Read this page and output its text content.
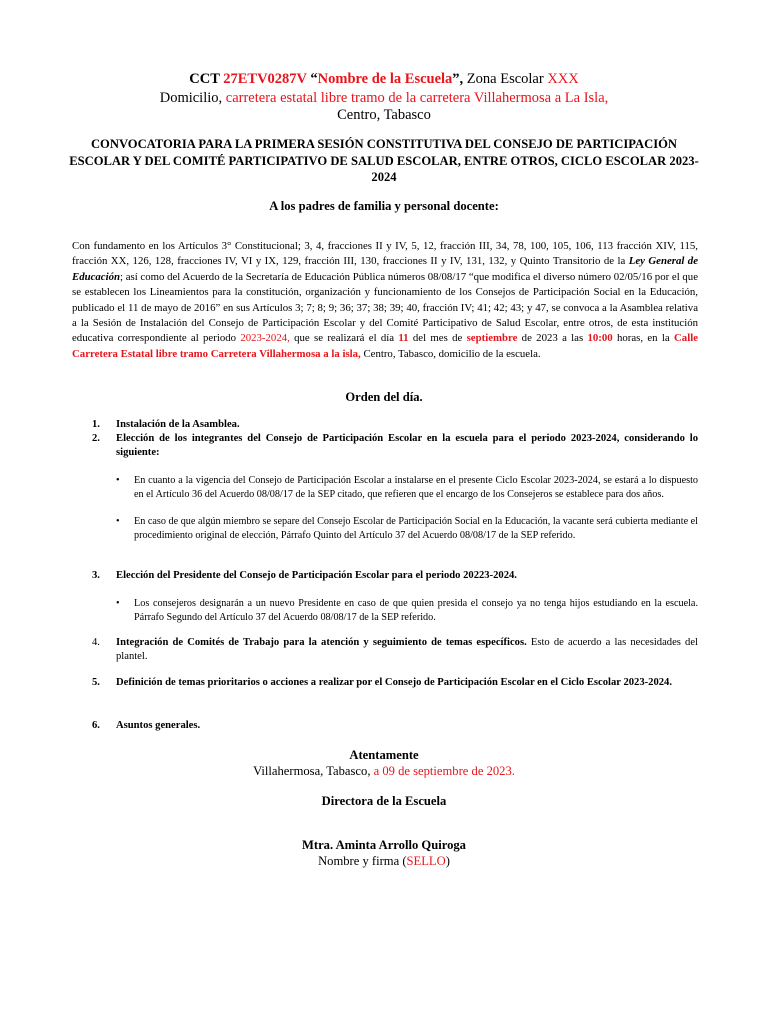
CCT 27ETV0287V “Nombre de la Escuela”, Zona Escolar XXX
Domicilio, carretera estatal libre tramo de la carretera Villahermosa a La Isla,
Centro, Tabasco
CONVOCATORIA PARA LA PRIMERA SESIÓN CONSTITUTIVA DEL CONSEJO DE PARTICIPACIÓN ESCOLAR Y DEL COMITÉ PARTICIPATIVO DE SALUD ESCOLAR, ENTRE OTROS, CICLO ESCOLAR 2023-2024
A los padres de familia y personal docente:
Con fundamento en los Artículos 3° Constitucional; 3, 4, fracciones II y IV, 5, 12, fracción III, 34, 78, 100, 105, 106, 113 fracción XIV, 115, fracción XX, 126, 128, fracciones IV, VI y IX, 129, fracción III, 130, fracciones II y IV, 131, 132, y Quinto Transitorio de la Ley General de Educación; así como del Acuerdo de la Secretaría de Educación Pública números 08/08/17 “que modifica el diverso número 02/05/16 por el que se establecen los Lineamientos para la constitución, organización y funcionamiento de los Consejos de Participación Social en la Educación, publicado el 11 de mayo de 2016” en sus Artículos 3; 7; 8; 9; 36; 37; 38; 39; 40, fracción IV; 41; 42; 43; y 47, se convoca a la Asamblea relativa a la Sesión de Instalación del Consejo de Participación Escolar y del Comité Participativo de Salud Escolar, entre otros, de esta institución educativa correspondiente al periodo 2023-2024, que se realizará el día 11 del mes de septiembre de 2023 a las 10:00 horas, en la Calle Carretera Estatal libre tramo Carretera Villahermosa a la isla, Centro, Tabasco, domicilio de la escuela.
Orden del día.
1. Instalación de la Asamblea.
2. Elección de los integrantes del Consejo de Participación Escolar en la escuela para el periodo 2023-2024, considerando lo siguiente:
• En cuanto a la vigencia del Consejo de Participación Escolar a instalarse en el presente Ciclo Escolar 2023-2024, se estará a lo dispuesto en el Artículo 36 del Acuerdo 08/08/17 de la SEP citado, que refieren que el encargo de los Consejeros se establece para dos años.
• En caso de que algún miembro se separe del Consejo Escolar de Participación Social en la Educación, la vacante será cubierta mediante el procedimiento original de elección, Párrafo Quinto del Artículo 37 del Acuerdo 08/08/17 de la SEP referido.
3. Elección del Presidente del Consejo de Participación Escolar para el periodo 20223-2024.
• Los consejeros designarán a un nuevo Presidente en caso de que quien presida el consejo ya no tenga hijos estudiando en la escuela. Párrafo Segundo del Artículo 37 del Acuerdo 08/08/17 de la SEP referido.
4. Integración de Comités de Trabajo para la atención y seguimiento de temas específicos. Esto de acuerdo a las necesidades del plantel.
5. Definición de temas prioritarios o acciones a realizar por el Consejo de Participación Escolar en el Ciclo Escolar 2023-2024.
6. Asuntos generales.
Atentamente
Villahermosa, Tabasco, a 09 de septiembre de 2023.
Directora de la Escuela
Mtra. Aminta Arrollo Quiroga
Nombre y firma (SELLO)
